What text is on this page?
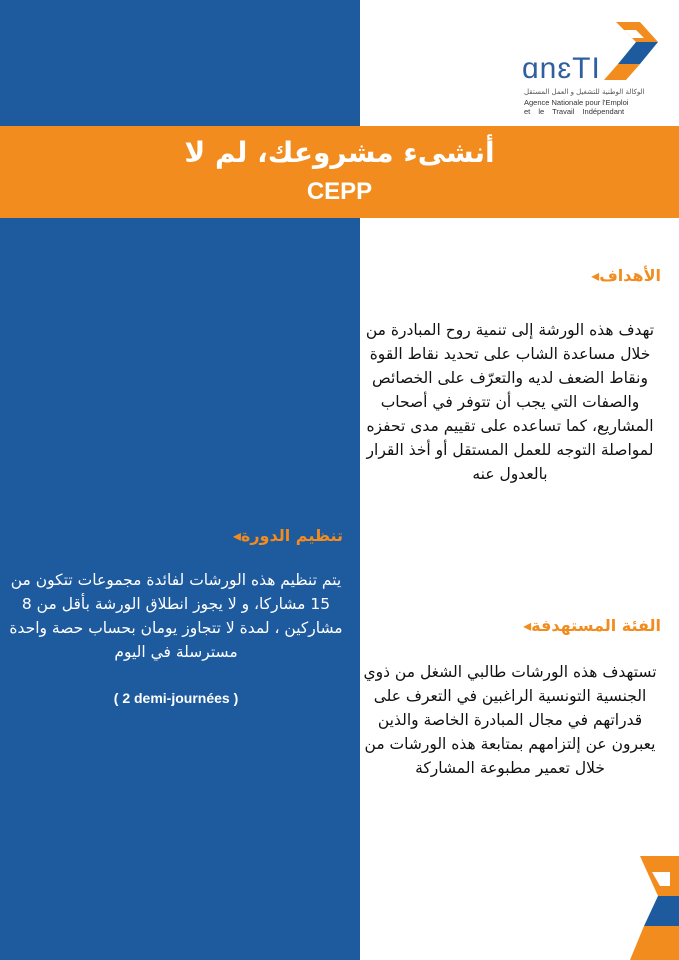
ɑnɛTI
الوكالة الوطنية للتشغيل و العمل المستقل
Agence Nationale pour l'Emploi
et le Travail Indépendant
أنشىء مشروعك، لم لا
CEPP
الأهداف◂
تهدف هذه الورشة إلى تنمية روح المبادرة من خلال مساعدة الشاب على تحديد نقاط القوة ونقاط الضعف لديه والتعرّف على الخصائص والصفات التي يجب أن تتوفر في أصحاب المشاريع، كما تساعده على تقييم مدى تحفزه لمواصلة التوجه للعمل المستقل أو أخذ القرار بالعدول عنه
تنظيم الدورة◂
يتم تنظيم هذه الورشات لفائدة مجموعات تتكون من 15 مشاركا، و لا يجوز انطلاق الورشة بأقل من 8 مشاركين ، لمدة لا تتجاوز يومان بحساب حصة واحدة مسترسلة في اليوم
( 2 demi-journées )
الفئة المستهدفة◂
تستهدف هذه الورشات طالبي الشغل من ذوي الجنسية التونسية الراغبين في التعرف على قدراتهم في مجال المبادرة الخاصة والذين يعبرون عن إلتزامهم بمتابعة هذه الورشات من خلال تعمير مطبوعة المشاركة
